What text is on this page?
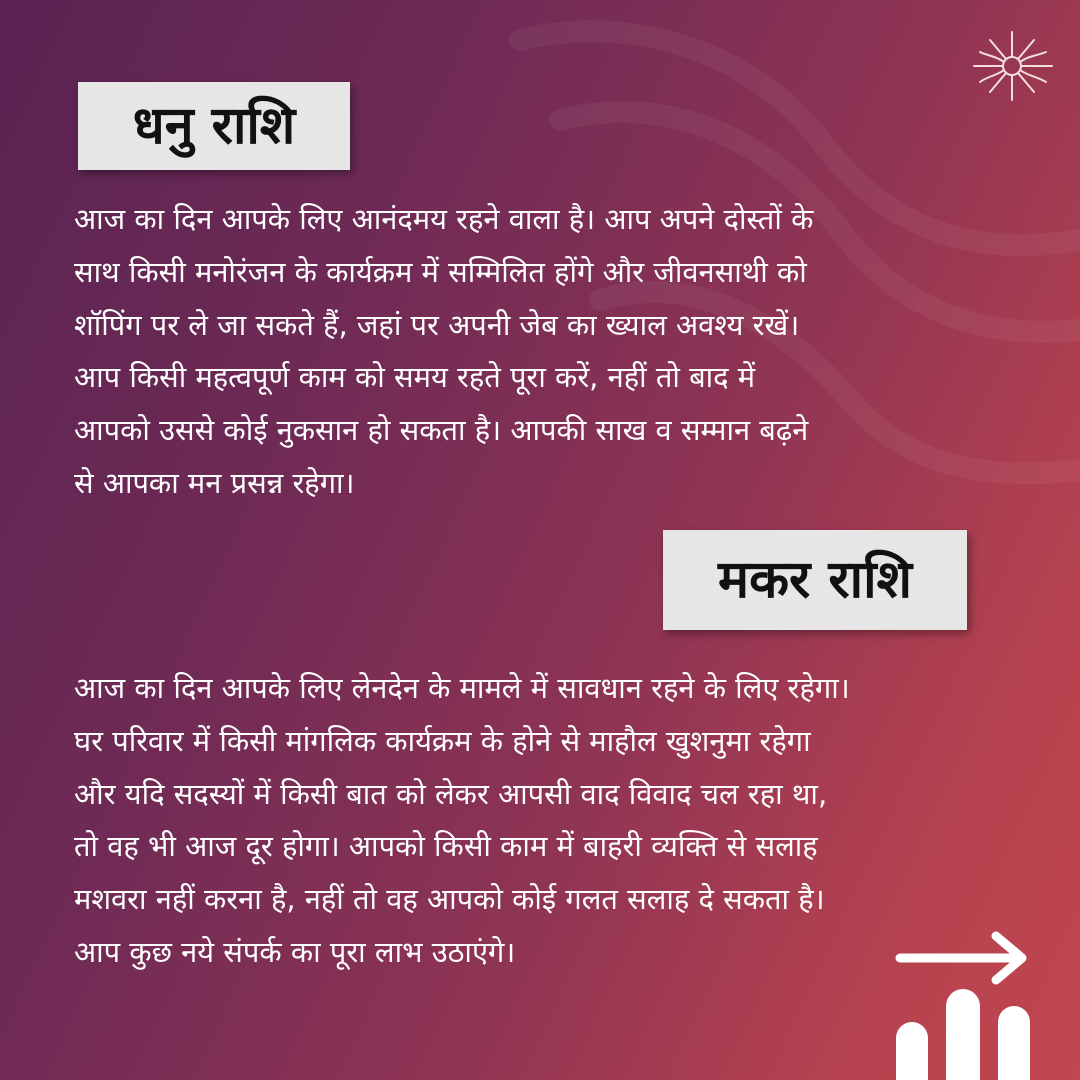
धनु राशि
आज का दिन आपके लिए आनंदमय रहने वाला है। आप अपने दोस्तों के
साथ किसी मनोरंजन के कार्यक्रम में सम्मिलित होंगे और जीवनसाथी को
शॉपिंग पर ले जा सकते हैं, जहां पर अपनी जेब का ख्याल अवश्य रखें।
आप किसी महत्वपूर्ण काम को समय रहते पूरा करें, नहीं तो बाद में
आपको उससे कोई नुकसान हो सकता है। आपकी साख व सम्मान बढ़ने
से आपका मन प्रसन्न रहेगा।
मकर राशि
आज का दिन आपके लिए लेनदेन के मामले में सावधान रहने के लिए रहेगा।
घर परिवार में किसी मांगलिक कार्यक्रम के होने से माहौल खुशनुमा रहेगा
और यदि सदस्यों में किसी बात को लेकर आपसी वाद विवाद चल रहा था,
तो वह भी आज दूर होगा। आपको किसी काम में बाहरी व्यक्ति से सलाह
मशवरा नहीं करना है, नहीं तो वह आपको कोई गलत सलाह दे सकता है।
आप कुछ नये संपर्क का पूरा लाभ उठाएंगे।
